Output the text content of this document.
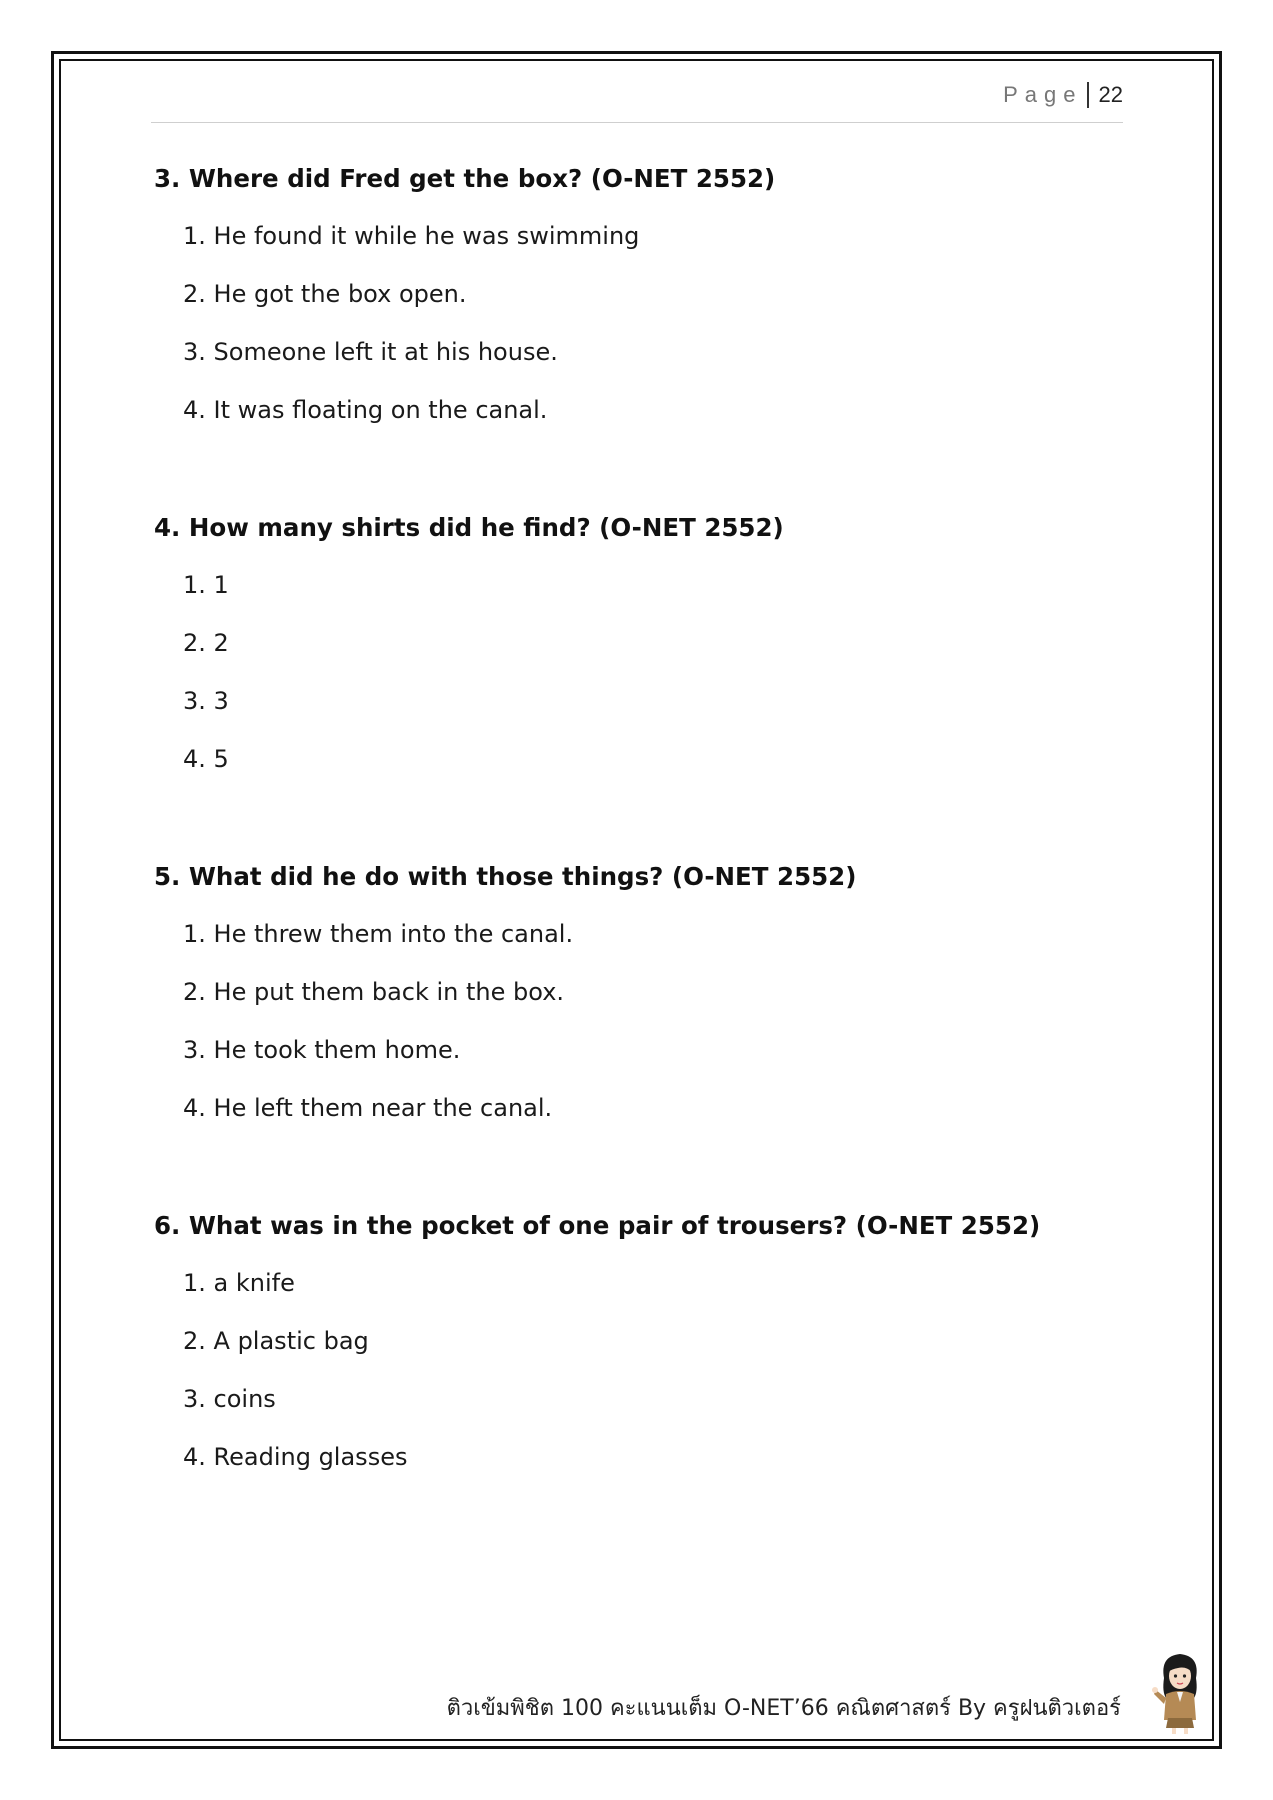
Page 22
3. Where did Fred get the box? (O-NET 2552)
1. He found it while he was swimming
2. He got the box open.
3. Someone left it at his house.
4. It was floating on the canal.
4. How many shirts did he find? (O-NET 2552)
1. 1
2. 2
3. 3
4. 5
5. What did he do with those things? (O-NET 2552)
1. He threw them into the canal.
2. He put them back in the box.
3. He took them home.
4. He left them near the canal.
6. What was in the pocket of one pair of trousers? (O-NET 2552)
1. a knife
2. A plastic bag
3. coins
4. Reading glasses
ติวเข้มพิชิต 100 คะแนนเต็ม O-NET’66 คณิตศาสตร์ By ครูฝนติวเตอร์
